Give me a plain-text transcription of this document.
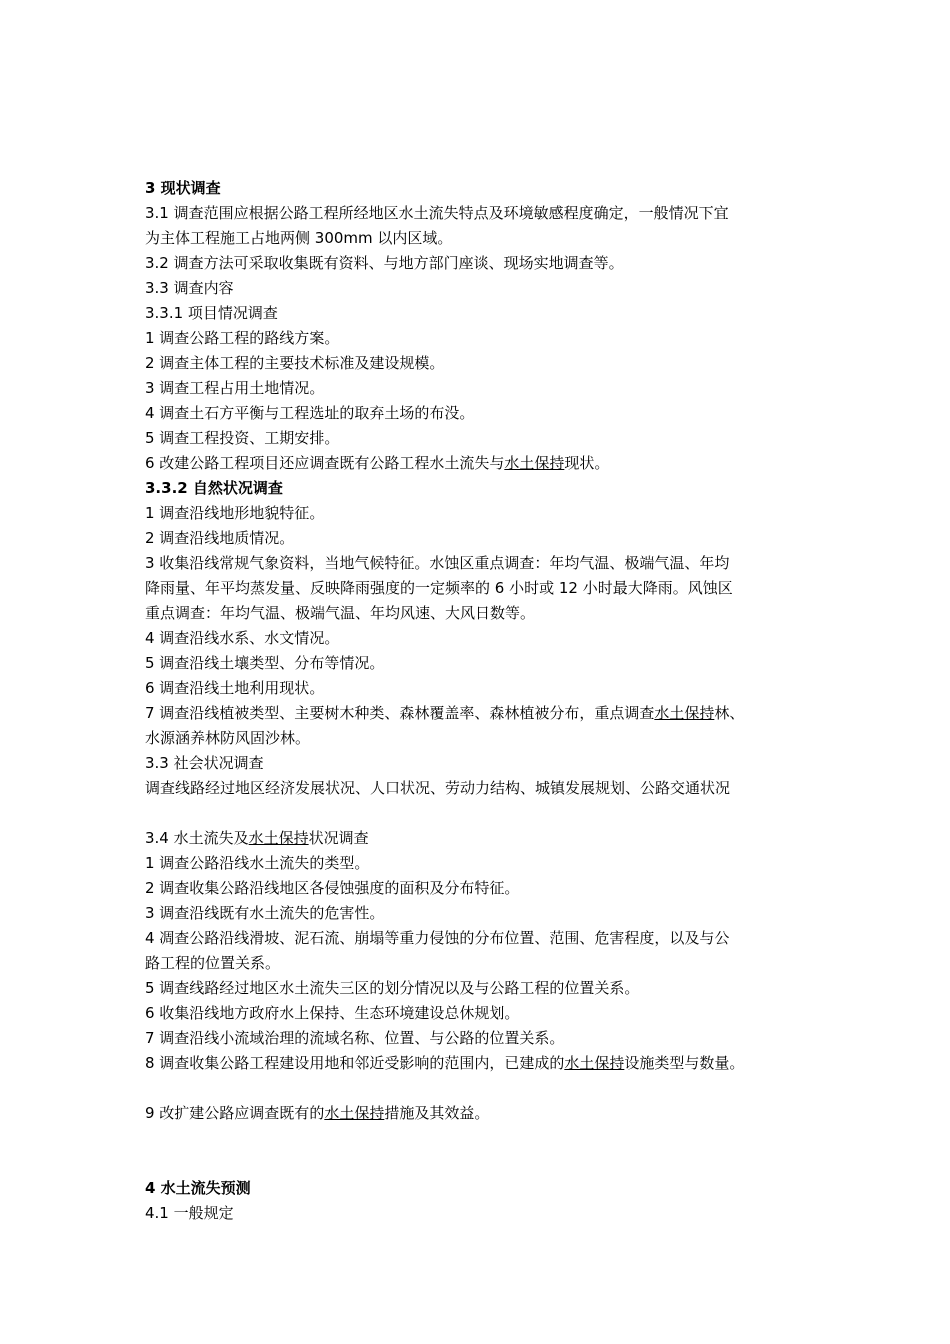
3 现状调查
3.1 调查范围应根据公路工程所经地区水土流失特点及环境敏感程度确定，一般情况下宜
为主体工程施工占地两侧 300mm 以内区域。
3.2 调查方法可采取收集既有资料、与地方部门座谈、现场实地调查等。
3.3 调查内容
3.3.1 项目情况调查
1 调查公路工程的路线方案。
2 调查主体工程的主要技术标准及建设规模。
3 调查工程占用土地情况。
4 调查土石方平衡与工程选址的取弃土场的布没。
5 调查工程投资、工期安排。
6 改建公路工程项目还应调查既有公路工程水土流失与水土保持现状。
3.3.2 自然状况调查
1 调查沿线地形地貌特征。
2 调查沿线地质情况。
3 收集沿线常规气象资料，当地气候特征。水蚀区重点调查：年均气温、极端气温、年均
降雨量、年平均蒸发量、反映降雨强度的一定频率的 6 小时或 12 小时最大降雨。风蚀区
重点调查：年均气温、极端气温、年均风速、大风日数等。
4 调查沿线水系、水文情况。
5 调查沿线土壤类型、分布等情况。
6 调查沿线土地利用现状。
7 调查沿线植被类型、主要树木种类、森林覆盖率、森林植被分布，重点调查水土保持林、
水源涵养林防风固沙林。
3.3 社会状况调查
调查线路经过地区经济发展状况、人口状况、劳动力结构、城镇发展规划、公路交通状况
3.4 水土流失及水土保持状况调查
1 调查公路沿线水土流失的类型。
2 调查收集公路沿线地区各侵蚀强度的面积及分布特征。
3 调查沿线既有水土流失的危害性。
4 凋查公路沿线滑坡、泥石流、崩塌等重力侵蚀的分布位置、范围、危害程度，以及与公
路工程的位置关系。
5 调查线路经过地区水土流失三区的划分情况以及与公路工程的位置关系。
6 收集沿线地方政府水上保持、生态环境建设总休规划。
7 调查沿线小流域治理的流域名称、位置、与公路的位置关系。
8 调查收集公路工程建设用地和邻近受影响的范围内，已建成的水土保持设施类型与数量。
9 改扩建公路应调查既有的水土保持措施及其效益。
4 水土流失预测
4.1 一般规定
